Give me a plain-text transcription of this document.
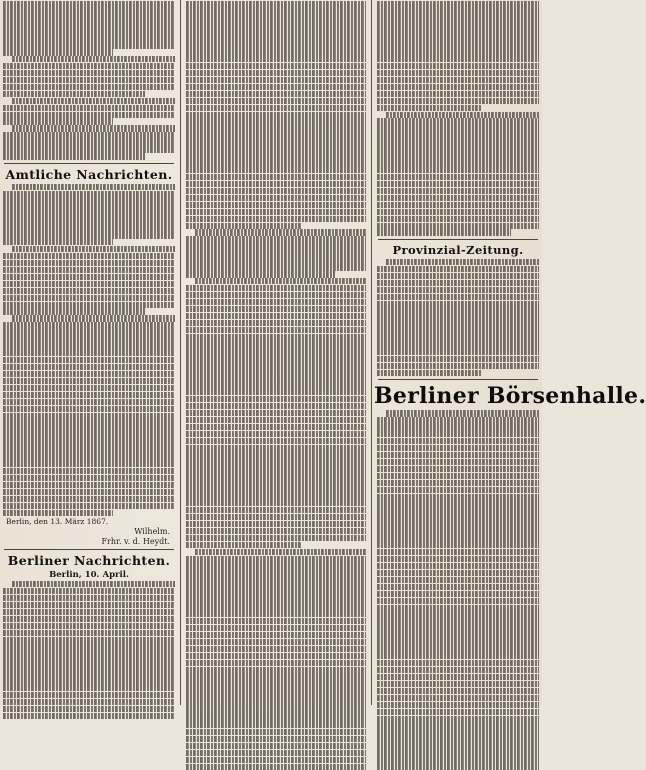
Amtliche Nachrichten.
Berlin, den 13. März 1867.
Wilhelm.
Frhr. v. d. Heydt.
Berliner Nachrichten.
Berlin, 10. April.
Provinzial-Zeitung.
Berliner Börsenhalle.
